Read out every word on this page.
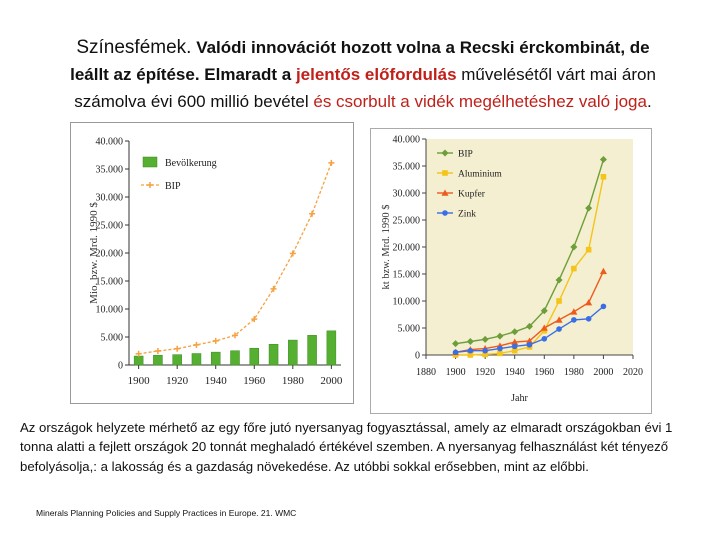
Színesfémek. Valódi innovációt hozott volna a Recski érckombinát, de
leállt az építése. Elmaradt a jelentős előfordulás művelésétől várt mai áron
számolva évi 600 millió bevétel és csorbult a vidék megélhetéshez való joga.
0
5.000
10.000
15.000
20.000
25.000
30.000
35.000
40.000
1900 1920 1940 1960 1980 2000
Mio. bzw. Mrd. 1990 $
Bevölkerung
BIP
0
5.000
10.000
15.000
20.000
25.000
30.000
35.000
40.000
1880 1900 1920 1940 1960 1980 2000 2020
kt bzw. Mrd. 1990 $
Jahr
BIP
Aluminium
Kupfer
Zink
Az országok helyzete mérhető az egy főre jutó nyersanyag fogyasztással, amely az elmaradt országokban évi 1 tonna alatti a fejlett országok 20 tonnát meghaladó értékével szemben. A nyersanyag felhasználást két tényező befolyásolja,: a lakosság és a gazdaság növekedése. Az utóbbi sokkal erősebben, mint az előbbi.
Minerals Planning Policies and Supply Practices in Europe. 21. WMC
